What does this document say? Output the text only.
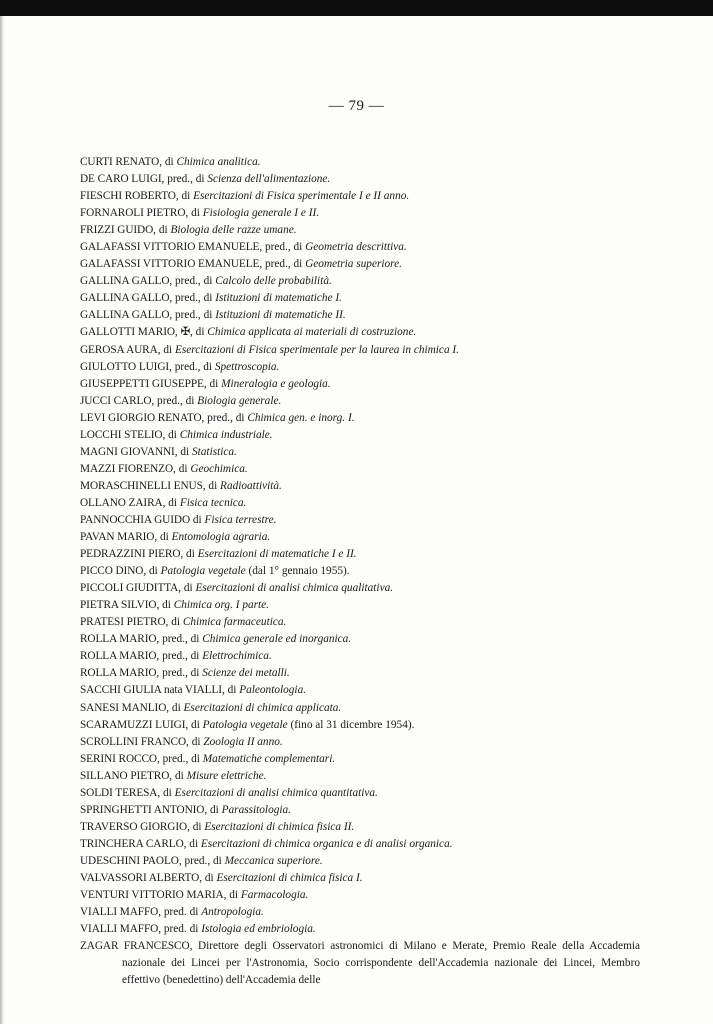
— 79 —
CURTI RENATO, di Chimica analitica.
DE CARO LUIGI, pred., di Scienza dell'alimentazione.
FIESCHI ROBERTO, di Esercitazioni di Fisica sperimentale I e II anno.
FORNAROLI PIETRO, di Fisiologia generale I e II.
FRIZZI GUIDO, di Biologia delle razze umane.
GALAFASSI VITTORIO EMANUELE, pred., di Geometria descrittiva.
GALAFASSI VITTORIO EMANUELE, pred., di Geometria superiore.
GALLINA GALLO, pred., di Calcolo delle probabilità.
GALLINA GALLO, pred., di Istituzioni di matematiche I.
GALLINA GALLO, pred., di Istituzioni di matematiche II.
GALLOTTI MARIO, ✠, di Chimica applicata ai materiali di costruzione.
GEROSA AURA, di Esercitazioni di Fisica sperimentale per la laurea in chimica I.
GIULOTTO LUIGI, pred., di Spettroscopia.
GIUSEPPETTI GIUSEPPE, di Mineralogia e geologia.
JUCCI CARLO, pred., di Biologia generale.
LEVI GIORGIO RENATO, pred., di Chimica gen. e inorg. I.
LOCCHI STELIO, di Chimica industriale.
MAGNI GIOVANNI, di Statistica.
MAZZI FIORENZO, di Geochimica.
MORASCHINELLI ENUS, di Radioattività.
OLLANO ZAIRA, di Fisica tecnica.
PANNOCCHIA GUIDO di Fisica terrestre.
PAVAN MARIO, di Entomologia agraria.
PEDRAZZINI PIERO, di Esercitazioni di matematiche I e II.
PICCO DINO, di Patologia vegetale (dal 1° gennaio 1955).
PICCOLI GIUDITTA, di Esercitazioni di analisi chimica qualitativa.
PIETRA SILVIO, di Chimica org. I parte.
PRATESI PIETRO, di Chimica farmaceutica.
ROLLA MARIO, pred., di Chimica generale ed inorganica.
ROLLA MARIO, pred., di Elettrochimica.
ROLLA MARIO, pred., di Scienze dei metalli.
SACCHI GIULIA nata VIALLI, di Paleontologia.
SANESI MANLIO, di Esercitazioni di chimica applicata.
SCARAMUZZI LUIGI, di Patologia vegetale (fino al 31 dicembre 1954).
SCROLLINI FRANCO, di Zoologia II anno.
SERINI ROCCO, pred., di Matematiche complementari.
SILLANO PIETRO, di Misure elettriche.
SOLDI TERESA, di Esercitazioni di analisi chimica quantitativa.
SPRINGHETTI ANTONIO, di Parassitologia.
TRAVERSO GIORGIO, di Esercitazioni di chimica fisica II.
TRINCHERA CARLO, di Esercitazioni di chimica organica e di analisi organica.
UDESCHINI PAOLO, pred., di Meccanica superiore.
VALVASSORI ALBERTO, di Esercitazioni di chimica fisica I.
VENTURI VITTORIO MARIA, di Farmacologia.
VIALLI MAFFO, pred. di Antropologia.
VIALLI MAFFO, pred. di Istologia ed embriologia.
ZAGAR FRANCESCO, Direttore degli Osservatori astronomici di Milano e Merate, Premio Reale della Accademia nazionale dei Lincei per l'Astronomia, Socio corrispondente dell'Accademia nazionale dei Lincei, Membro effettivo (benedettino) dell'Accademia delle
